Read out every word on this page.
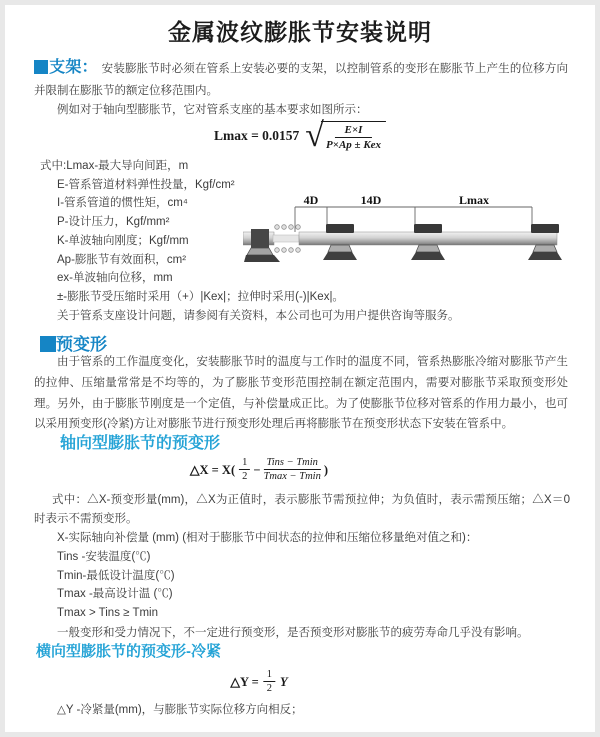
金属波纹膨胀节安装说明
支架： 安装膨胀节时必须在管系上安装必要的支架，以控制管系的变形在膨胀节上产生的位移方向并限制在膨胀节的额定位移范围内。
例如对于轴向型膨胀节，它对管系支座的基本要求如图所示：
Lmax = 0.0157 √	E×I
P×Ap ± Kex
式中:Lmax-最大导向间距，m
E-管系管道材料弹性投量，Kgf/cm²
I-管系管道的惯性矩，cm⁴
P-设计压力，Kgf/mm²
K-单波轴向刚度；Kgf/mm
Ap-膨胀节有效面积，cm²
ex-单波轴向位移，mm
±-膨胀节受压缩时采用（+）|Kex|；拉伸时采用(-)|Kex|。
关于管系支座设计问题，请参阅有关资料，本公司也可为用户提供咨询等服务。
4D	14D	Lmax
预变形
由于管系的工作温度变化，安装膨胀节时的温度与工作时的温度不同，管系热膨胀冷缩对膨胀节产生的拉伸、压缩量常常是不均等的，为了膨胀节变形范围控制在额定范围内，需要对膨胀节采取预变形处理。另外，由于膨胀节刚度是一个定值，与补偿量成正比。为了使膨胀节位移对管系的作用力最小，也可以采用预变形(冷紧)方让对膨胀节进行预变形处理后再将膨胀节在预变形状态下安装在管系中。
轴向型膨胀节的预变形
△X = $X( \frac{1}{2} - \frac{\text{Tins − Tmin}}{Tmax - Tmin}$ )
式中：△X-预变形量(mm)，△X为正值时，表示膨胀节需预拉伸；为负值时，表示需预压缩；△X＝0时表示不需预变形。
X-实际轴向补偿量 (mm) (相对于膨胀节中间状态的拉伸和压缩位移量绝对值之和)：
Tins -安装温度(℃)
Tmin-最低设计温度(℃)
Tmax -最高设计温 (℃)
Tmax > Tins ≥ Tmin
一般变形和受力情况下，不一定进行预变形，是否预变形对膨胀节的疲劳寿命几乎没有影响。
横向型膨胀节的预变形-冷紧
△Y = $\frac{1}{2}$ Y
△Y -冷紧量(mm)，与膨胀节实际位移方向相反；
